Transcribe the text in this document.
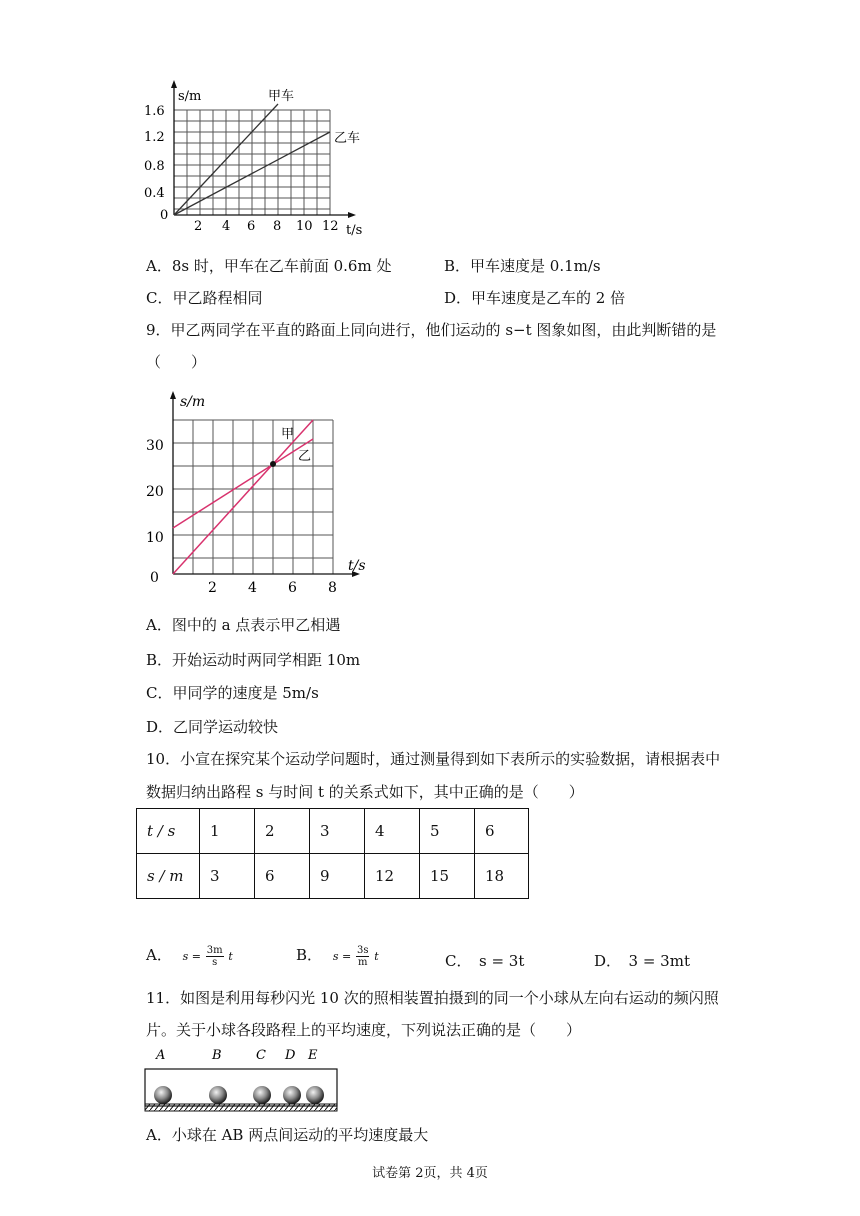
s/m
t/s
1.6
1.2
0.8
0.4
0
2 4 6 8 10 12
甲车
乙车
A．8s 时，甲车在乙车前面 0.6m 处	B．甲车速度是 0.1m/s
C．甲乙路程相同	D．甲车速度是乙车的 2 倍
9．甲乙两同学在平直的路面上同向进行，他们运动的 s−t 图象如图，由此判断错的是
（　　）
s/m
t/s
30
20
10
0
2 4 6 8
甲
乙
A．图中的 a 点表示甲乙相遇
B．开始运动时两同学相距 10m
C．甲同学的速度是 5m/s
D．乙同学运动较快
10．小宣在探究某个运动学问题时，通过测量得到如下表所示的实验数据，请根据表中
数据归纳出路程 s 与时间 t 的关系式如下，其中正确的是（　　）
t / s	1	2	3	4	5	6
s / m	3	6	9	12	15	18
A． $s = \frac{3m}{s}$ t	B． $s = \frac{3s}{m}$ t	C．　s = 3t	D．　3 = 3mt
11．如图是利用每秒闪光 10 次的照相装置拍摄到的同一个小球从左向右运动的频闪照
片。关于小球各段路程上的平均速度，下列说法正确的是（　　）
A	B	C D E
A．小球在 AB 两点间运动的平均速度最大
试卷第 2页，共 4页
